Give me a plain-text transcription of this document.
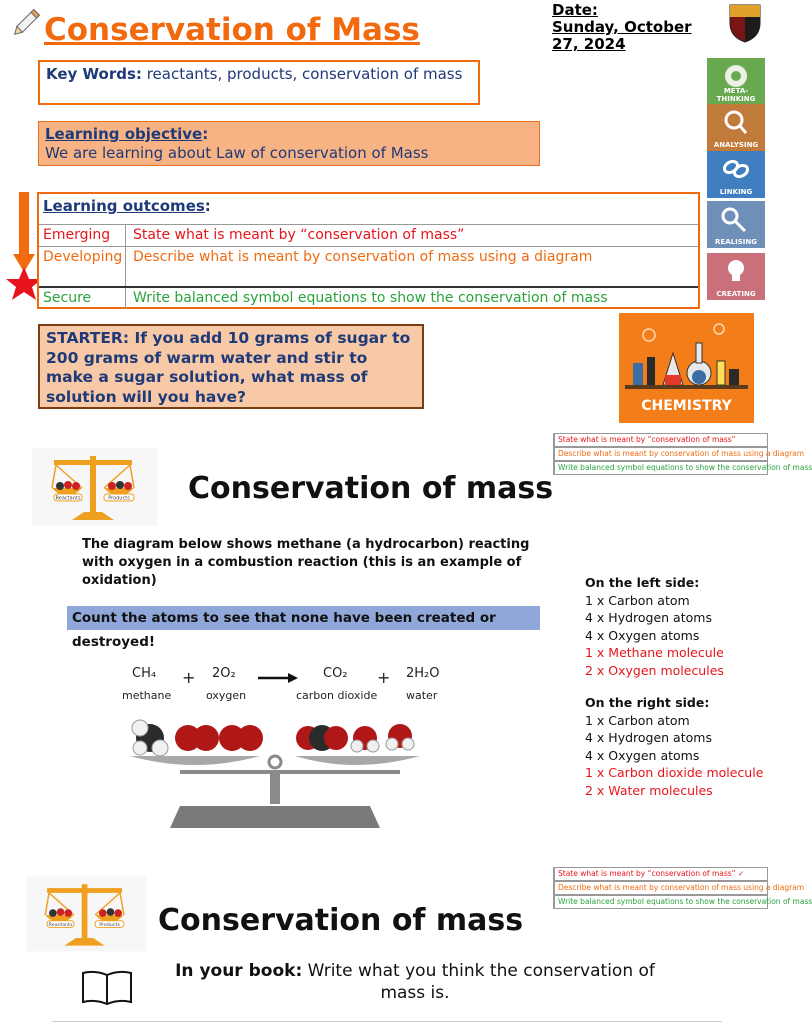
Conservation of Mass
Date:
Sunday, October 27, 2024
Key Words: reactants, products, conservation of mass
Learning objective:
We are learning about Law of conservation of Mass
Learning outcomes:
Emerging	State what is meant by “conservation of mass”
Developing Describe what is meant by conservation of mass using a diagram
Secure	Write balanced symbol equations to show the conservation of mass
META-THINKING
ANALYSING
LINKING
REALISING
CREATING
STARTER: If you add 10 grams of sugar to 200 grams of warm water and stir to make a sugar solution, what mass of solution will you have?
CHEMISTRY
State what is meant by “conservation of mass”
Describe what is meant by conservation of mass using a diagram
Write balanced symbol equations to show the conservation of mass
Reactants	Products Conservation of mass
The diagram below shows methane (a hydrocarbon) reacting with oxygen in a combustion reaction (this is an example of oxidation)
Count the atoms to see that none have been created or destroyed!
CH₄ + 2O₂ → CO₂ + 2H₂O
methane	oxygen	carbon dioxide	water
On the left side:
1 x Carbon atom
4 x Hydrogen atoms
4 x Oxygen atoms
1 x Methane molecule
2 x Oxygen molecules
On the right side:
1 x Carbon atom
4 x Hydrogen atoms
4 x Oxygen atoms
1 x Carbon dioxide molecule
2 x Water molecules
State what is meant by “conservation of mass” ✓
Describe what is meant by conservation of mass using a diagram
Write balanced symbol equations to show the conservation of mass
Reactants	Products Conservation of mass
In your book: Write what you think the conservation of mass is.
